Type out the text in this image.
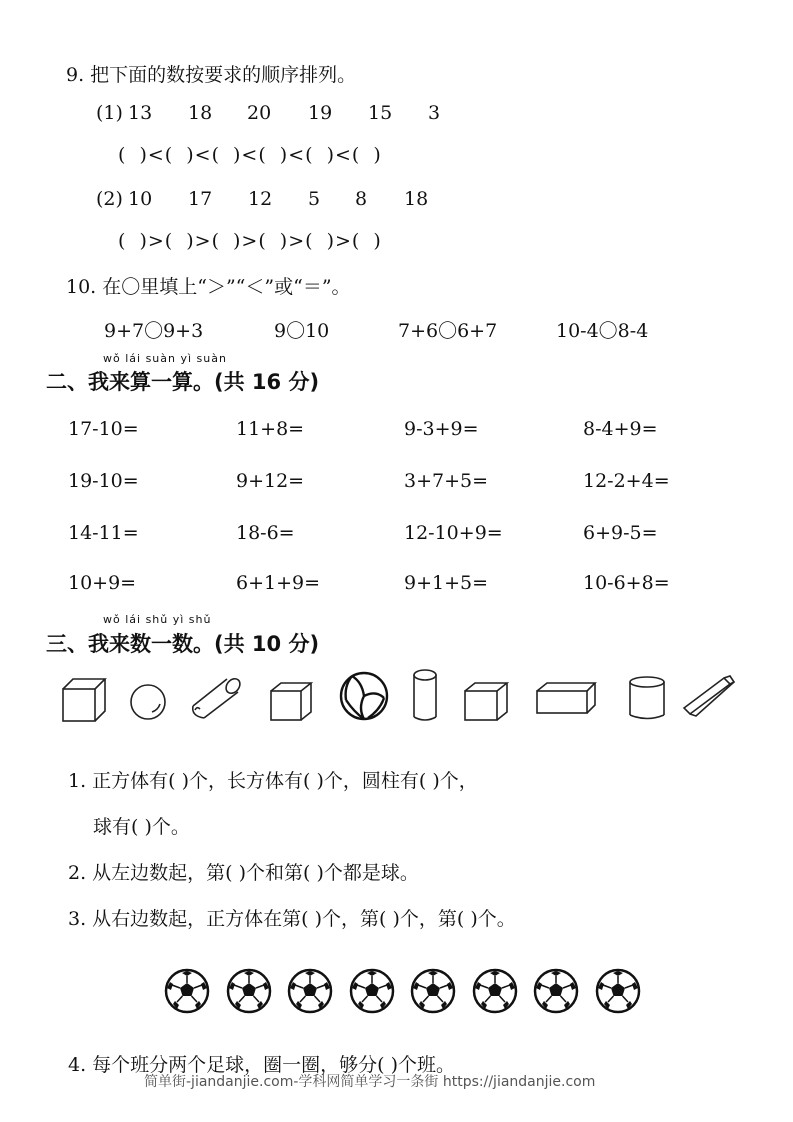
9. 把下面的数按要求的顺序排列。
(1) 13 18 20 19 15 3
( )<( )<( )<( )<( )<( )
(2) 10 17 12 5 8 18
( )>( )>( )>( )>( )>( )
10. 在〇里填上“＞”“＜”或“＝”。
9+7〇9+3	9〇10	7+6〇6+7	10-4〇8-4
wǒ lái suàn yì suàn
二、我来算一算。(共 16 分)
17-10=	11+8=	9-3+9=	8-4+9=
19-10=	9+12=	3+7+5=	12-2+4=
14-11=	18-6=	12-10+9=	6+9-5=
10+9=	6+1+9=	9+1+5=	10-6+8=
wǒ lái shǔ yì shǔ
三、我来数一数。(共 10 分)
1. 正方体有( )个，长方体有( )个，圆柱有( )个，
球有( )个。
2. 从左边数起，第( )个和第( )个都是球。
3. 从右边数起，正方体在第( )个，第( )个，第( )个。
4. 每个班分两个足球，圈一圈，够分( )个班。
简单街-jiandanjie.com-学科网简单学习一条街 https://jiandanjie.com
